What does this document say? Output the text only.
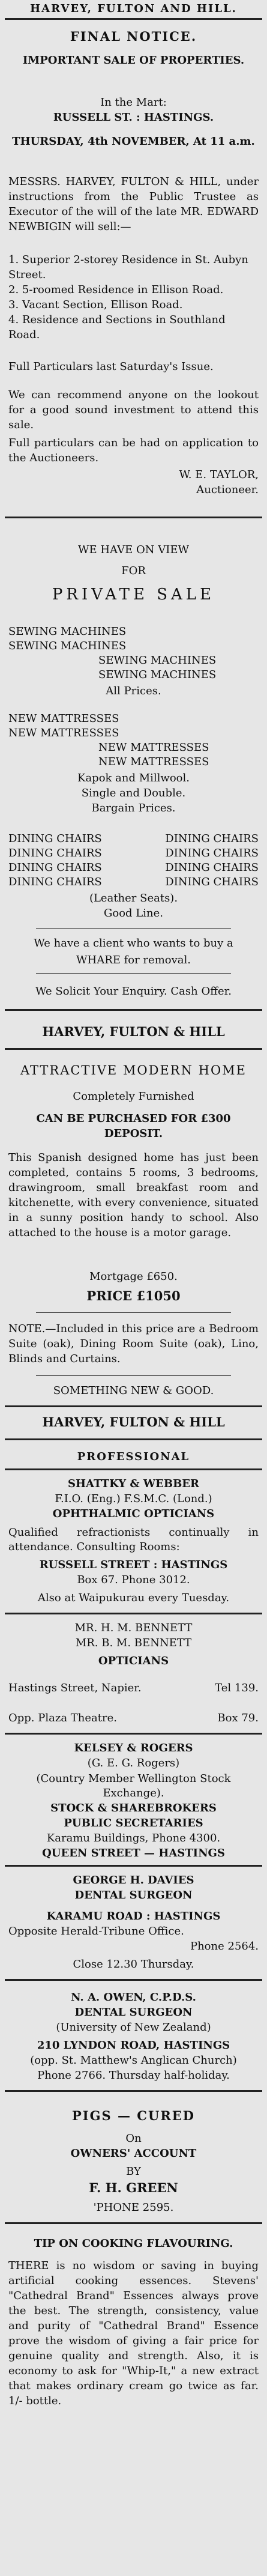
HARVEY, FULTON AND HILL.
FINAL NOTICE.
IMPORTANT SALE OF PROPERTIES.
In the Mart:
RUSSELL ST. : HASTINGS.
THURSDAY, 4th NOVEMBER, At 11 a.m.
MESSRS. HARVEY, FULTON & HILL, under instructions from the Public Trustee as Executor of the will of the late MR. EDWARD NEWBIGIN will sell:—

1. Superior 2-storey Residence in St. Aubyn Street.

2. 5-roomed Residence in Ellison Road.

3. Vacant Section, Ellison Road.

4. Residence and Sections in Southland Road.

Full Particulars last Saturday's Issue.
We can recommend anyone on the lookout for a good sound investment to attend this sale.
Full particulars can be had on application to the Auctioneers.
W. E. TAYLOR,
Auctioneer.
WE HAVE ON VIEW
FOR
PRIVATE SALE

SEWING MACHINES

SEWING MACHINES

SEWING MACHINES

SEWING MACHINES

All Prices.

NEW MATTRESSES

NEW MATTRESSES

NEW MATTRESSES

NEW MATTRESSES

Kapok and Millwool.
Single and Double.
Bargain Prices.

DINING CHAIRS	DINING CHAIRS

DINING CHAIRS	DINING CHAIRS

DINING CHAIRS	DINING CHAIRS

DINING CHAIRS	DINING CHAIRS

(Leather Seats).
Good Line.
We have a client who wants to buy a
WHARE for removal.
We Solicit Your Enquiry. Cash Offer.
HARVEY, FULTON & HILL
ATTRACTIVE MODERN HOME
Completely Furnished
CAN BE PURCHASED FOR £300 DEPOSIT.
This Spanish designed home has just been completed, contains 5 rooms, 3 bedrooms, drawingroom, small breakfast room and kitchenette, with every convenience, situated in a sunny position handy to school. Also attached to the house is a motor garage.
Mortgage £650.
PRICE £1050
NOTE.—Included in this price are a Bedroom Suite (oak), Dining Room Suite (oak), Lino, Blinds and Curtains.
SOMETHING NEW & GOOD.
HARVEY, FULTON & HILL
PROFESSIONAL
SHATTKY & WEBBER
F.I.O. (Eng.) F.S.M.C. (Lond.)
OPHTHALMIC OPTICIANS
Qualified refractionists continually in attendance. Consulting Rooms:
RUSSELL STREET : HASTINGS
Box 67. Phone 3012.
Also at Waipukurau every Tuesday.
MR. H. M. BENNETT
MR. B. M. BENNETT
OPTICIANS
Hastings Street, Napier.	Tel 139.
Opp. Plaza Theatre.	Box 79.
KELSEY & ROGERS
(G. E. G. Rogers)
(Country Member Wellington Stock Exchange).
STOCK & SHAREBROKERS
PUBLIC SECRETARIES
Karamu Buildings, Phone 4300.
QUEEN STREET — HASTINGS
GEORGE H. DAVIES
DENTAL SURGEON
KARAMU ROAD : HASTINGS
Opposite Herald-Tribune Office.
Phone 2564.
Close 12.30 Thursday.
N. A. OWEN, C.P.D.S.
DENTAL SURGEON
(University of New Zealand)
210 LYNDON ROAD, HASTINGS
(opp. St. Matthew's Anglican Church)
Phone 2766. Thursday half-holiday.
PIGS — CURED
On
OWNERS' ACCOUNT
BY
F. H. GREEN
'PHONE 2595.
TIP ON COOKING FLAVOURING.
THERE is no wisdom or saving in buying artificial cooking essences. Stevens' "Cathedral Brand" Essences always prove the best. The strength, consistency, value and purity of "Cathedral Brand" Essence prove the wisdom of giving a fair price for genuine quality and strength. Also, it is economy to ask for "Whip-It," a new extract that makes ordinary cream go twice as far. 1/- bottle.
